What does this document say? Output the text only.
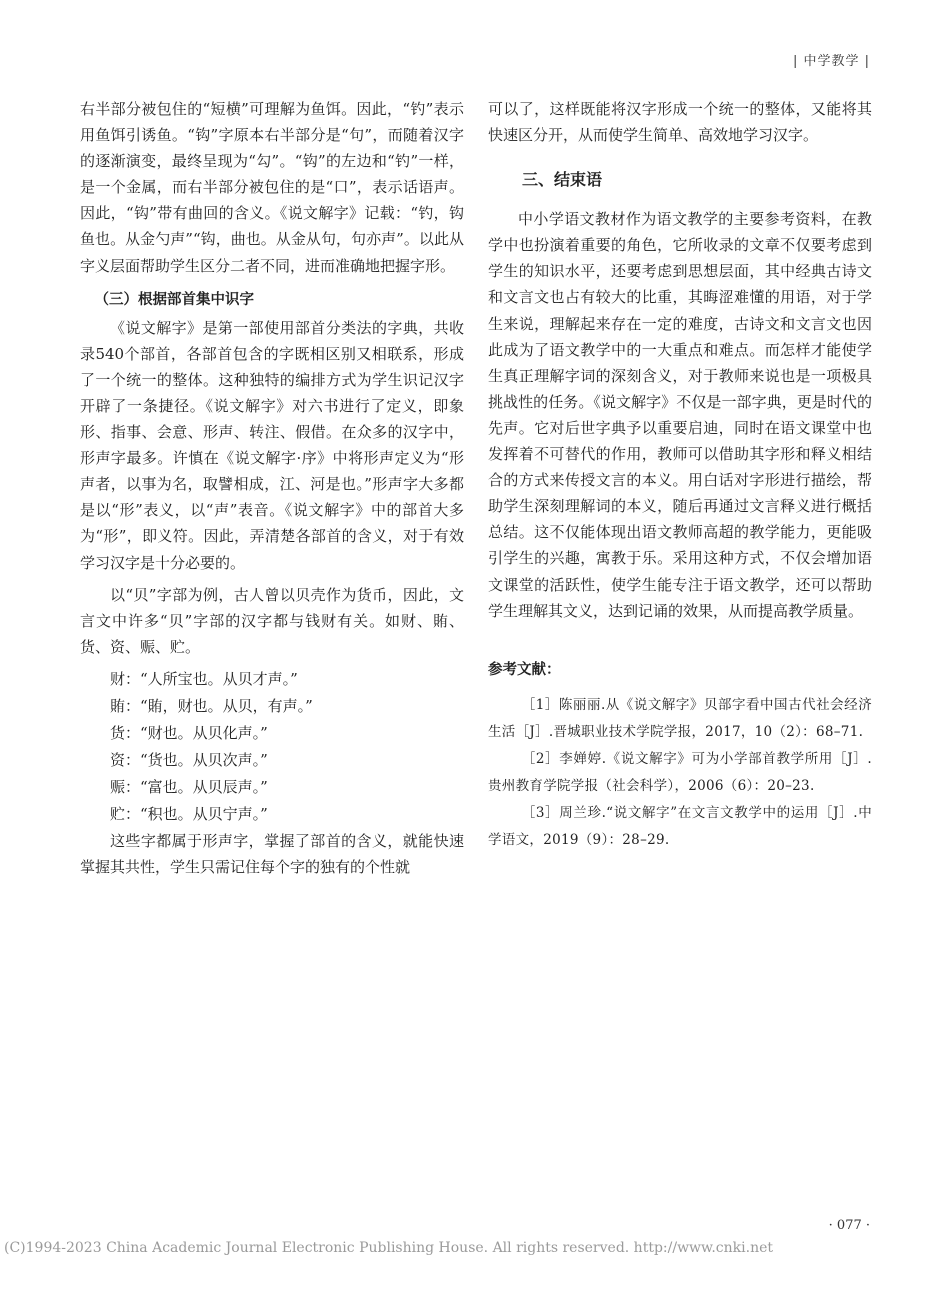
| 中学教学 |

右半部分被包住的“短横”可理解为鱼饵。因此，“钓”表示用鱼饵引诱鱼。“钩”字原本右半部分是“句”，而随着汉字的逐渐演变，最终呈现为“勾”。“钩”的左边和“钓”一样，是一个金属，而右半部分被包住的是“口”，表示话语声。因此，“钩”带有曲回的含义。《说文解字》记载：“钓，钩鱼也。从金勺声”“钩，曲也。从金从句，句亦声”。以此从字义层面帮助学生区分二者不同，进而准确地把握字形。

（三）根据部首集中识字

《说文解字》是第一部使用部首分类法的字典，共收录540个部首，各部首包含的字既相区别又相联系，形成了一个统一的整体。这种独特的编排方式为学生识记汉字开辟了一条捷径。《说文解字》对六书进行了定义，即象形、指事、会意、形声、转注、假借。在众多的汉字中，形声字最多。许慎在《说文解字·序》中将形声定义为“形声者，以事为名，取譬相成，江、河是也。”形声字大多都是以“形”表义，以“声”表音。《说文解字》中的部首大多为“形”，即义符。因此，弄清楚各部首的含义，对于有效学习汉字是十分必要的。

以“贝”字部为例，古人曾以贝壳作为货币，因此，文言文中许多“贝”字部的汉字都与钱财有关。如财、賄、货、资、赈、贮。

财：“人所宝也。从贝才声。”

賄：“賄，财也。从贝，有声。”

货：“财也。从贝化声。”

资：“货也。从贝次声。”

赈：“富也。从贝辰声。”

贮：“积也。从贝宁声。”

这些字都属于形声字，掌握了部首的含义，就能快速掌握其共性，学生只需记住每个字的独有的个性就

可以了，这样既能将汉字形成一个统一的整体，又能将其快速区分开，从而使学生简单、高效地学习汉字。

三、结束语

中小学语文教材作为语文教学的主要参考资料，在教学中也扮演着重要的角色，它所收录的文章不仅要考虑到学生的知识水平，还要考虑到思想层面，其中经典古诗文和文言文也占有较大的比重，其晦涩难懂的用语，对于学生来说，理解起来存在一定的难度，古诗文和文言文也因此成为了语文教学中的一大重点和难点。而怎样才能使学生真正理解字词的深刻含义，对于教师来说也是一项极具挑战性的任务。《说文解字》不仅是一部字典，更是时代的先声。它对后世字典予以重要启迪，同时在语文课堂中也发挥着不可替代的作用，教师可以借助其字形和释义相结合的方式来传授文言的本义。用白话对字形进行描绘，帮助学生深刻理解词的本义，随后再通过文言释义进行概括总结。这不仅能体现出语文教师高超的教学能力，更能吸引学生的兴趣，寓教于乐。采用这种方式，不仅会增加语文课堂的活跃性，使学生能专注于语文教学，还可以帮助学生理解其文义，达到记诵的效果，从而提高教学质量。

参考文献：

［1］陈丽丽.从《说文解字》贝部字看中国古代社会经济生活［J］.晋城职业技术学院学报，2017，10（2）：68–71.

［2］李婵婷.《说文解字》可为小学部首教学所用［J］.贵州教育学院学报（社会科学），2006（6）：20–23.

［3］周兰珍.“说文解字”在文言文教学中的运用［J］.中学语文，2019（9）：28–29.

· 077 ·
(C)1994-2023 China Academic Journal Electronic Publishing House. All rights reserved. http://www.cnki.net
